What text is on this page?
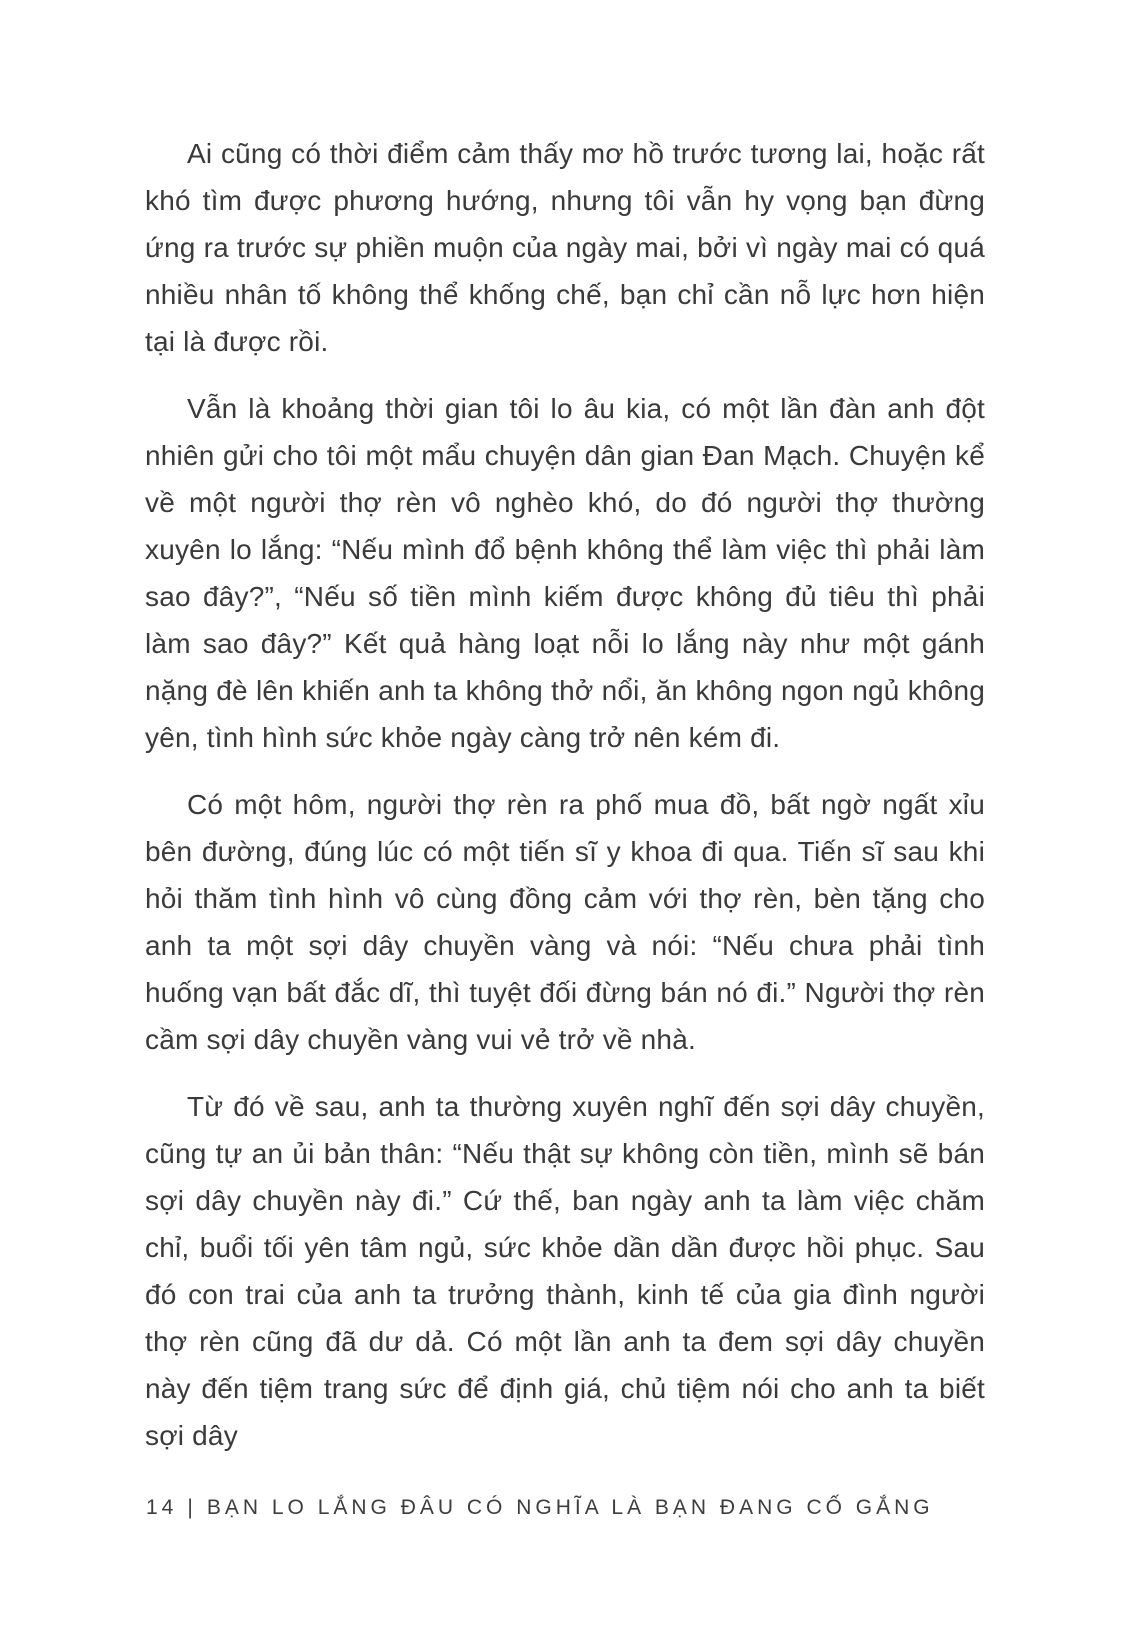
Ai cũng có thời điểm cảm thấy mơ hồ trước tương lai, hoặc rất khó tìm được phương hướng, nhưng tôi vẫn hy vọng bạn đừng ứng ra trước sự phiền muộn của ngày mai, bởi vì ngày mai có quá nhiều nhân tố không thể khống chế, bạn chỉ cần nỗ lực hơn hiện tại là được rồi.

Vẫn là khoảng thời gian tôi lo âu kia, có một lần đàn anh đột nhiên gửi cho tôi một mẩu chuyện dân gian Đan Mạch. Chuyện kể về một người thợ rèn vô nghèo khó, do đó người thợ thường xuyên lo lắng: “Nếu mình đổ bệnh không thể làm việc thì phải làm sao đây?”, “Nếu số tiền mình kiếm được không đủ tiêu thì phải làm sao đây?” Kết quả hàng loạt nỗi lo lắng này như một gánh nặng đè lên khiến anh ta không thở nổi, ăn không ngon ngủ không yên, tình hình sức khỏe ngày càng trở nên kém đi.

Có một hôm, người thợ rèn ra phố mua đồ, bất ngờ ngất xỉu bên đường, đúng lúc có một tiến sĩ y khoa đi qua. Tiến sĩ sau khi hỏi thăm tình hình vô cùng đồng cảm với thợ rèn, bèn tặng cho anh ta một sợi dây chuyền vàng và nói: “Nếu chưa phải tình huống vạn bất đắc dĩ, thì tuyệt đối đừng bán nó đi.” Người thợ rèn cầm sợi dây chuyền vàng vui vẻ trở về nhà.

Từ đó về sau, anh ta thường xuyên nghĩ đến sợi dây chuyền, cũng tự an ủi bản thân: “Nếu thật sự không còn tiền, mình sẽ bán sợi dây chuyền này đi.” Cứ thế, ban ngày anh ta làm việc chăm chỉ, buổi tối yên tâm ngủ, sức khỏe dần dần được hồi phục. Sau đó con trai của anh ta trưởng thành, kinh tế của gia đình người thợ rèn cũng đã dư dả. Có một lần anh ta đem sợi dây chuyền này đến tiệm trang sức để định giá, chủ tiệm nói cho anh ta biết sợi dây

14 | BẠN LO LẮNG ĐÂU CÓ NGHĨA LÀ BẠN ĐANG CỐ GẮNG
